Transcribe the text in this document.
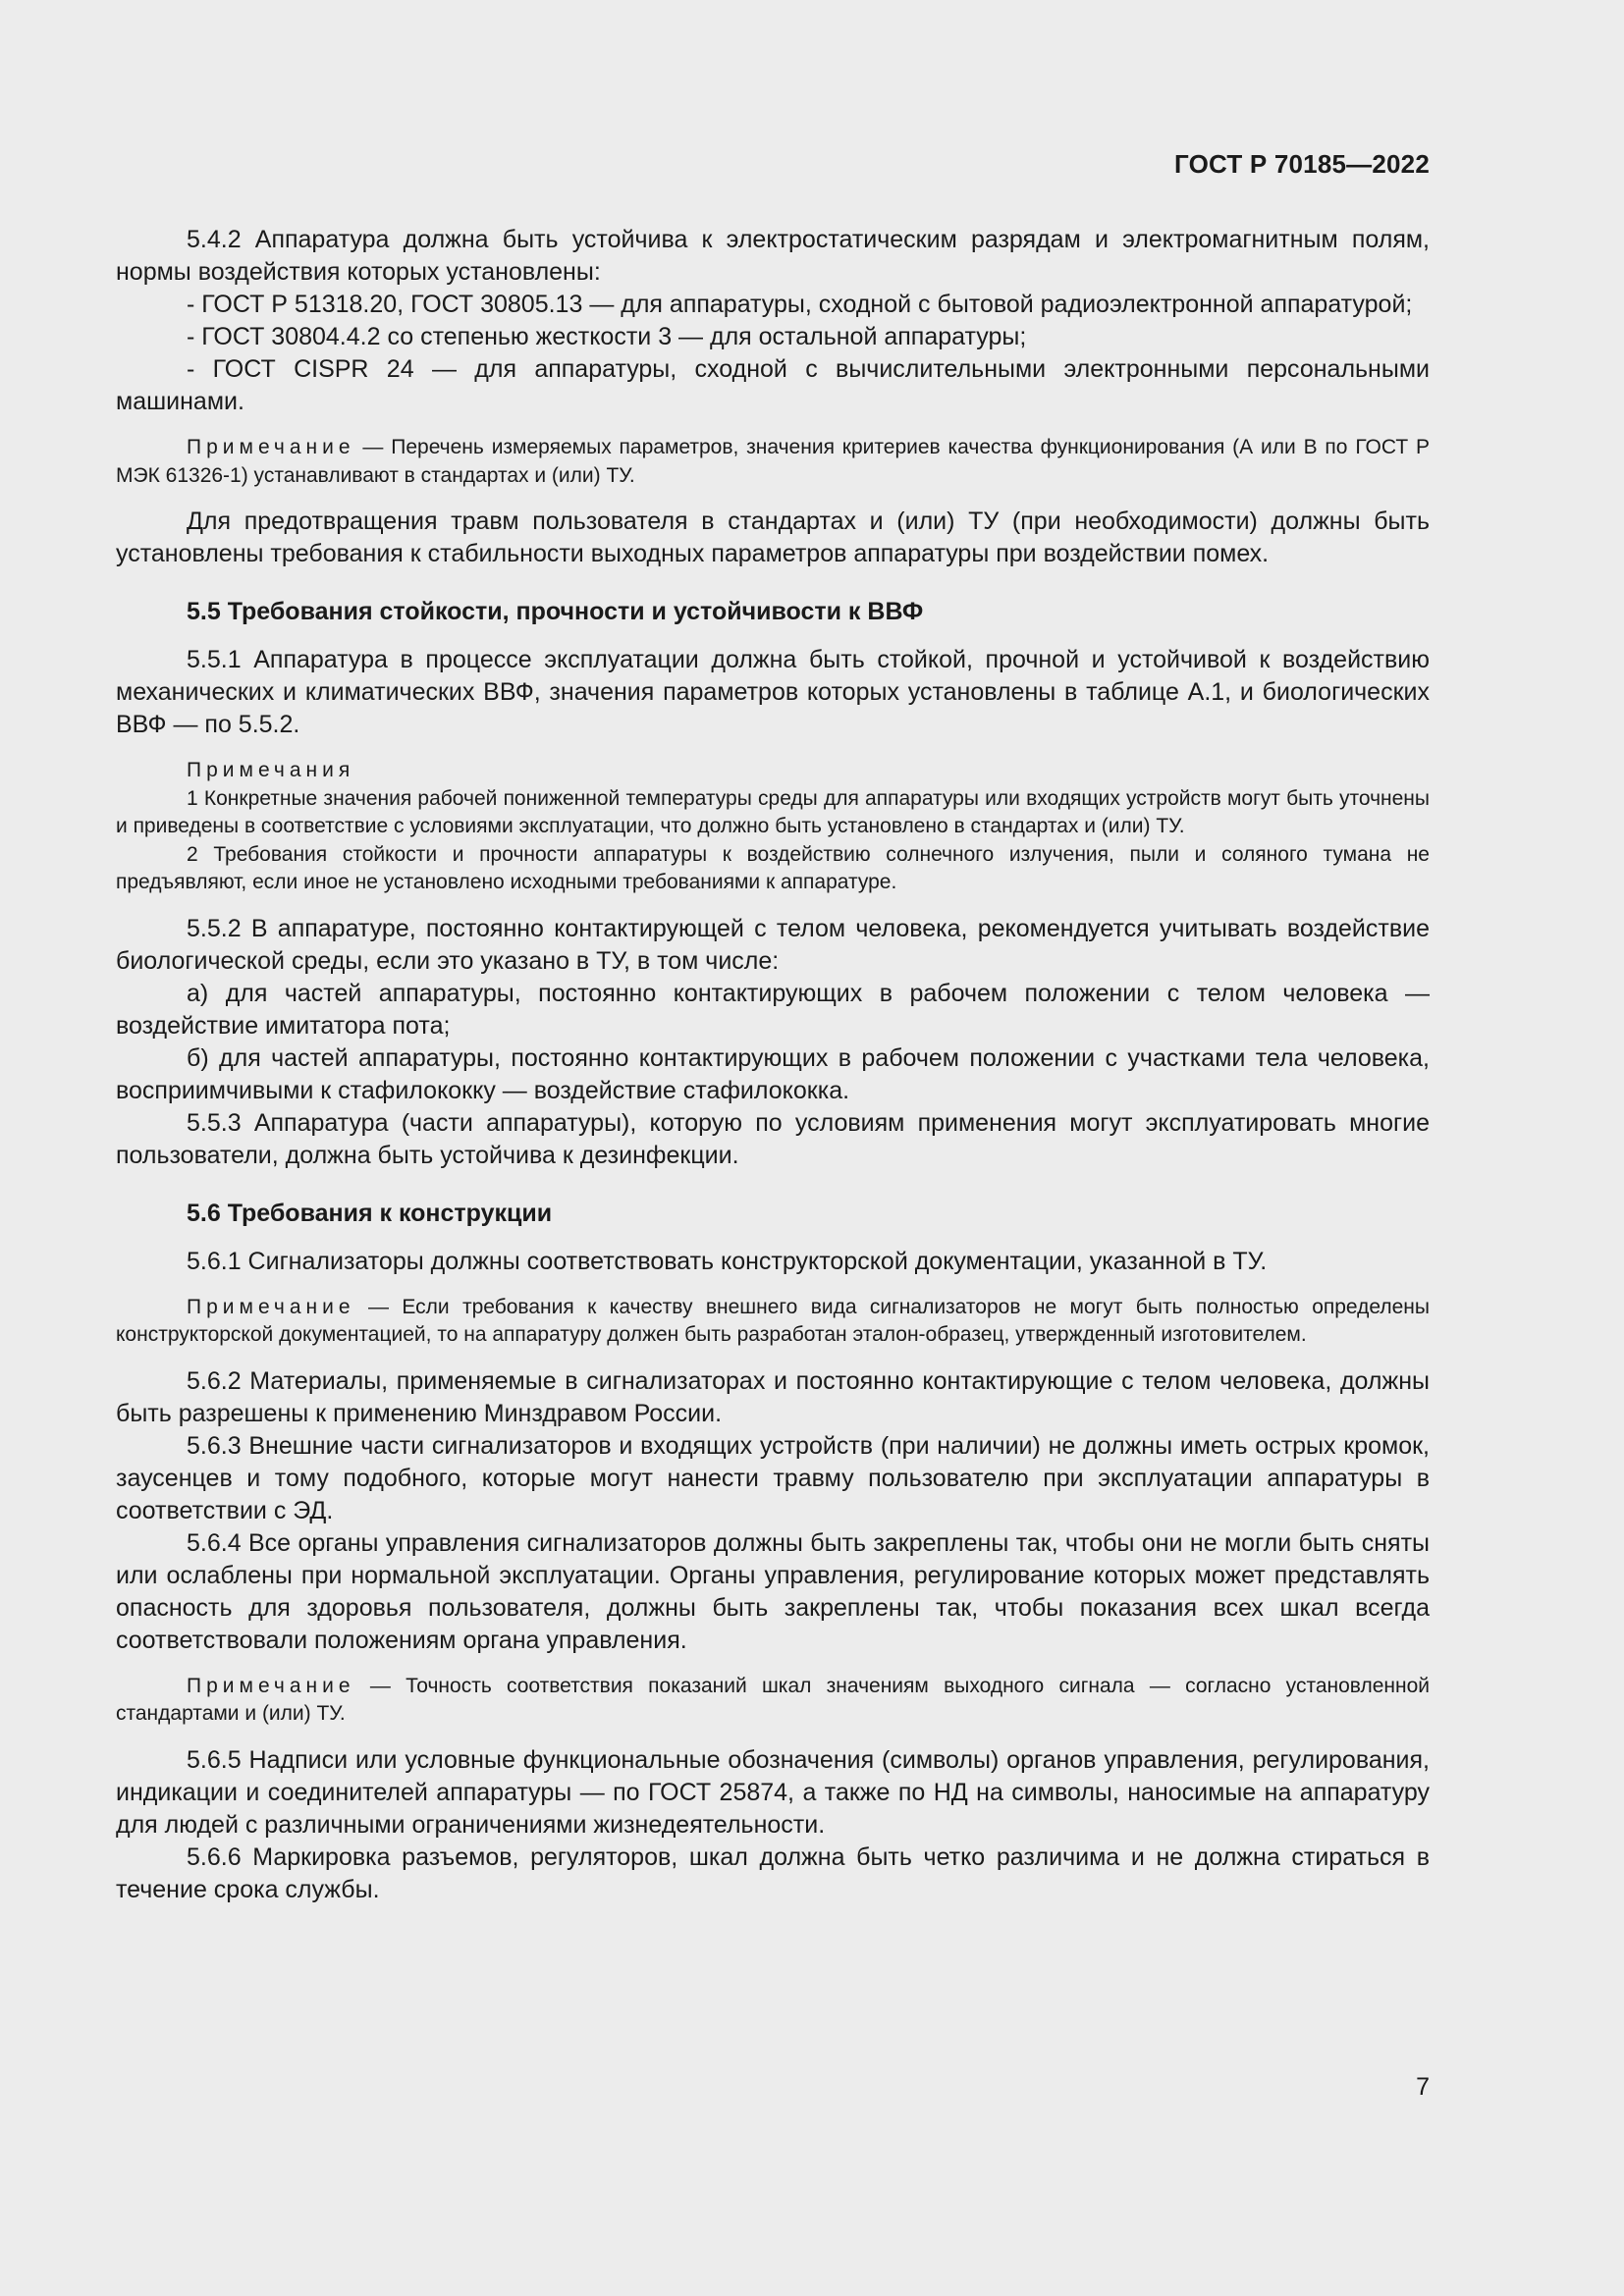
ГОСТ Р 70185—2022

5.4.2 Аппаратура должна быть устойчива к электростатическим разрядам и электромагнитным полям, нормы воздействия которых установлены:

- ГОСТ Р 51318.20, ГОСТ 30805.13 — для аппаратуры, сходной с бытовой радиоэлектронной аппаратурой;

- ГОСТ 30804.4.2 со степенью жесткости 3 — для остальной аппаратуры;

- ГОСТ CISPR 24 — для аппаратуры, сходной с вычислительными электронными персональными машинами.

Примечание — Перечень измеряемых параметров, значения критериев качества функционирования (А или В по ГОСТ Р МЭК 61326-1) устанавливают в стандартах и (или) ТУ.

Для предотвращения травм пользователя в стандартах и (или) ТУ (при необходимости) должны быть установлены требования к стабильности выходных параметров аппаратуры при воздействии помех.

5.5 Требования стойкости, прочности и устойчивости к ВВФ

5.5.1 Аппаратура в процессе эксплуатации должна быть стойкой, прочной и устойчивой к воздействию механических и климатических ВВФ, значения параметров которых установлены в таблице А.1, и биологических ВВФ — по 5.5.2.

Примечания

1 Конкретные значения рабочей пониженной температуры среды для аппаратуры или входящих устройств могут быть уточнены и приведены в соответствие с условиями эксплуатации, что должно быть установлено в стандартах и (или) ТУ.

2 Требования стойкости и прочности аппаратуры к воздействию солнечного излучения, пыли и соляного тумана не предъявляют, если иное не установлено исходными требованиями к аппаратуре.

5.5.2 В аппаратуре, постоянно контактирующей с телом человека, рекомендуется учитывать воздействие биологической среды, если это указано в ТУ, в том числе:

а) для частей аппаратуры, постоянно контактирующих в рабочем положении с телом человека — воздействие имитатора пота;

б) для частей аппаратуры, постоянно контактирующих в рабочем положении с участками тела человека, восприимчивыми к стафилококку — воздействие стафилококка.

5.5.3 Аппаратура (части аппаратуры), которую по условиям применения могут эксплуатировать многие пользователи, должна быть устойчива к дезинфекции.

5.6 Требования к конструкции

5.6.1 Сигнализаторы должны соответствовать конструкторской документации, указанной в ТУ.

Примечание — Если требования к качеству внешнего вида сигнализаторов не могут быть полностью определены конструкторской документацией, то на аппаратуру должен быть разработан эталон-образец, утвержденный изготовителем.

5.6.2 Материалы, применяемые в сигнализаторах и постоянно контактирующие с телом человека, должны быть разрешены к применению Минздравом России.

5.6.3 Внешние части сигнализаторов и входящих устройств (при наличии) не должны иметь острых кромок, заусенцев и тому подобного, которые могут нанести травму пользователю при эксплуатации аппаратуры в соответствии с ЭД.

5.6.4 Все органы управления сигнализаторов должны быть закреплены так, чтобы они не могли быть сняты или ослаблены при нормальной эксплуатации. Органы управления, регулирование которых может представлять опасность для здоровья пользователя, должны быть закреплены так, чтобы показания всех шкал всегда соответствовали положениям органа управления.

Примечание — Точность соответствия показаний шкал значениям выходного сигнала — согласно установленной стандартами и (или) ТУ.

5.6.5 Надписи или условные функциональные обозначения (символы) органов управления, регулирования, индикации и соединителей аппаратуры — по ГОСТ 25874, а также по НД на символы, наносимые на аппаратуру для людей с различными ограничениями жизнедеятельности.

5.6.6 Маркировка разъемов, регуляторов, шкал должна быть четко различима и не должна стираться в течение срока службы.

7
